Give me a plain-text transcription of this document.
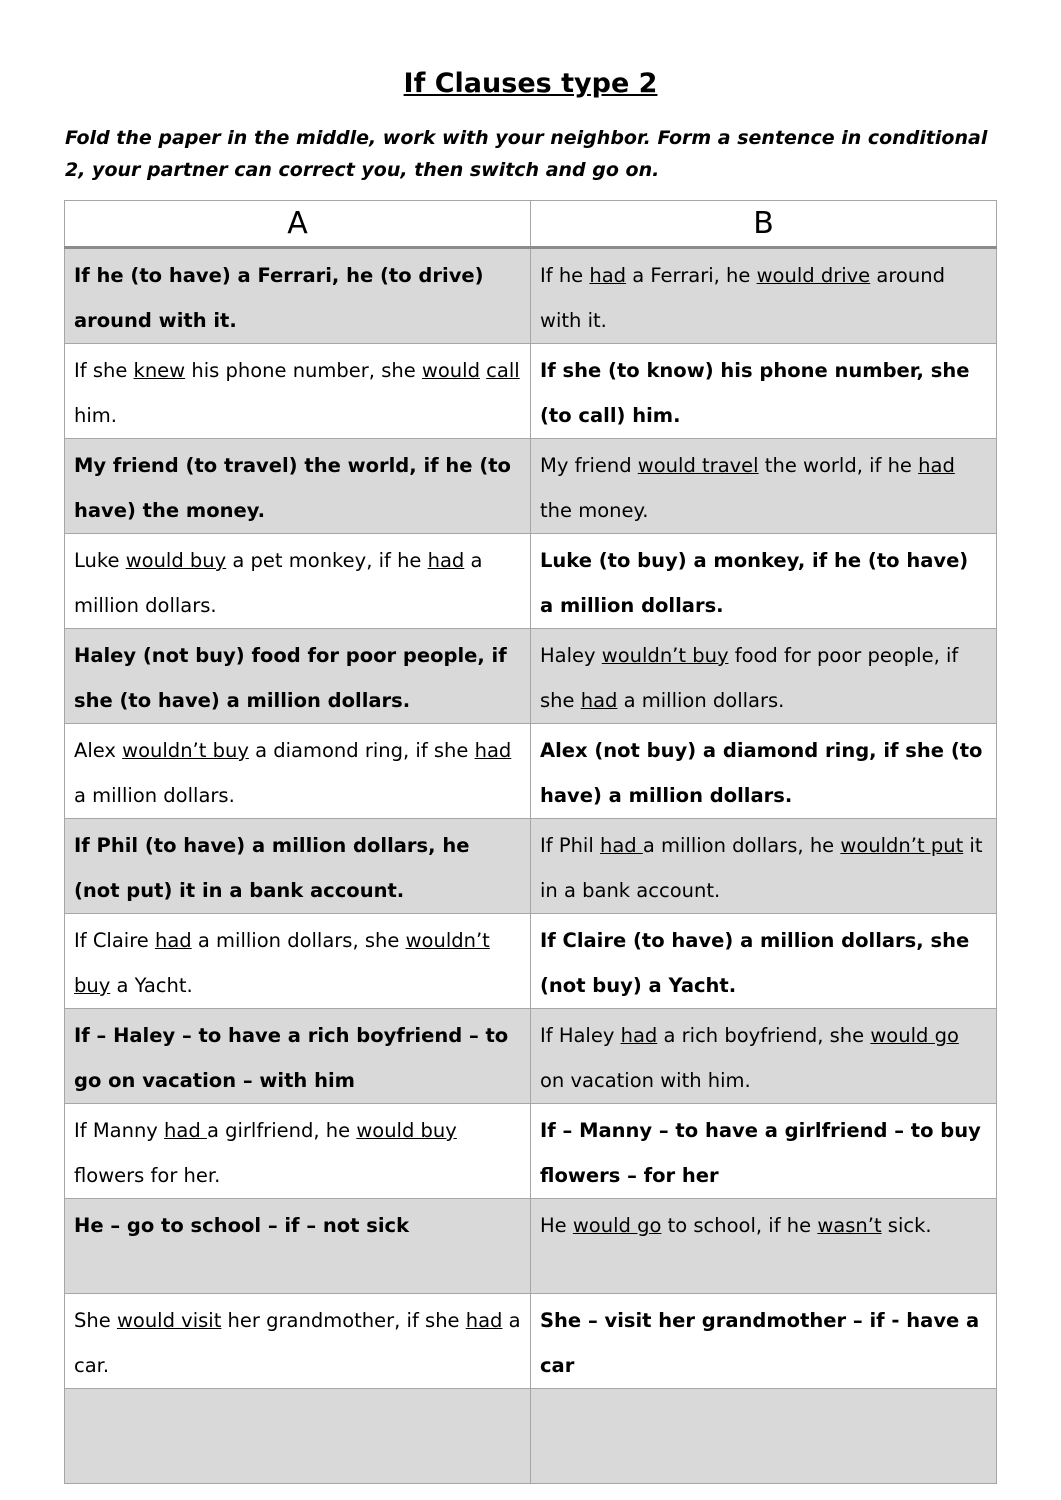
If Clauses type 2

Fold the paper in the middle, work with your neighbor. Form a sentence in conditional 2, your partner can correct you, then switch and go on.

A	B
If he (to have) a Ferrari, he (to drive) around with it.	If he had a Ferrari, he would drive around with it.
If she knew his phone number, she would call him.	If she (to know) his phone number, she (to call) him.
My friend (to travel) the world, if he (to have) the money.	My friend would travel the world, if he had the money.
Luke would buy a pet monkey, if he had a million dollars.	Luke (to buy) a monkey, if he (to have) a million dollars.
Haley (not buy) food for poor people, if she (to have) a million dollars.	Haley wouldn’t buy food for poor people, if she had a million dollars.
Alex wouldn’t buy a diamond ring, if she had a million dollars.	Alex (not buy) a diamond ring, if she (to have) a million dollars.
If Phil (to have) a million dollars, he (not put) it in a bank account.	If Phil had a million dollars, he wouldn’t put it in a bank account.
If Claire had a million dollars, she wouldn’t buy a Yacht.	If Claire (to have) a million dollars, she (not buy) a Yacht.
If – Haley – to have a rich boyfriend – to go on vacation – with him	If Haley had a rich boyfriend, she would go on vacation with him.
If Manny had a girlfriend, he would buy flowers for her.	If – Manny – to have a girlfriend – to buy flowers – for her
He – go to school – if – not sick	He would go to school, if he wasn’t sick.
She would visit her grandmother, if she had a car.	She – visit her grandmother – if - have a car
